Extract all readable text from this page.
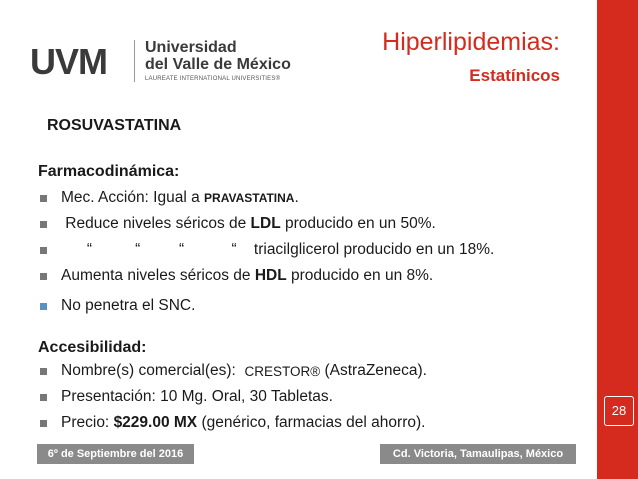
28
UVM Universidad
del Valle de México
LAUREATE INTERNATIONAL UNIVERSITIES®
Hiperlipidemias:
Estatínicos
ROSUVASTATINA
Farmacodinámica:
Mec. Acción: Igual a PRAVASTATINA .
Reduce niveles séricos de LDL producido en un 50%.
“          “         “           “    triacilglicerol producido en un 18%.
Aumenta niveles séricos de HDL producido en un 8%.
No penetra el SNC.
Accesibilidad:
Nombre(s) comercial(es): CRESTOR® (AstraZeneca).
Presentación: 10 Mg. Oral, 30 Tabletas.
Precio: $229.00 MX (genérico, farmacias del ahorro).
6º de Septiembre del 2016	Cd. Victoria, Tamaulipas, México
